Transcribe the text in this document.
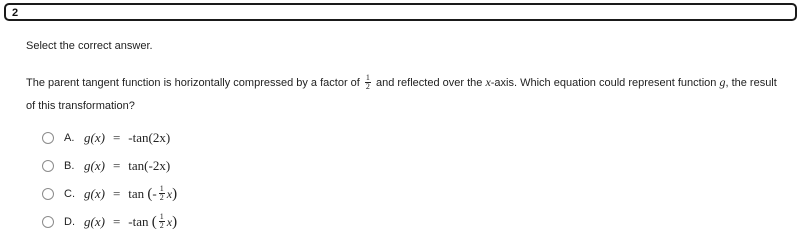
2
Select the correct answer.
The parent tangent function is horizontally compressed by a factor of $\frac{1}{2}$ and reflected over the x-axis. Which equation could represent function g, the result of this transformation?
A. g(x) = -tan(2x)
B. g(x) = tan(-2x)
C. g(x) = tan ( - $\frac{1}{2}$ x )
D. g(x) = -tan ( $\frac{1}{2}$ x )
